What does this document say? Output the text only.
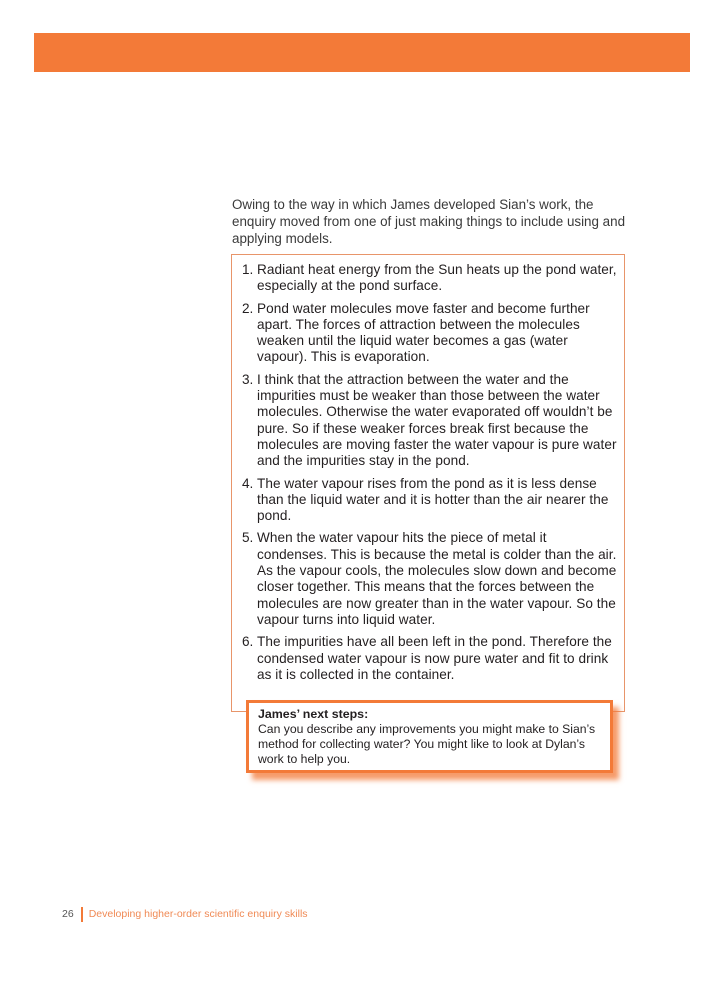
Owing to the way in which James developed Sian’s work, the enquiry moved from one of just making things to include using and applying models.

1. Radiant heat energy from the Sun heats up the pond water, especially at the pond surface.
2. Pond water molecules move faster and become further apart. The forces of attraction between the molecules weaken until the liquid water becomes a gas (water vapour). This is evaporation.
3. I think that the attraction between the water and the impurities must be weaker than those between the water molecules. Otherwise the water evaporated off wouldn’t be pure. So if these weaker forces break first because the molecules are moving faster the water vapour is pure water and the impurities stay in the pond.
4. The water vapour rises from the pond as it is less dense than the liquid water and it is hotter than the air nearer the pond.
5. When the water vapour hits the piece of metal it condenses. This is because the metal is colder than the air. As the vapour cools, the molecules slow down and become closer together. This means that the forces between the molecules are now greater than in the water vapour. So the vapour turns into liquid water.
6. The impurities have all been left in the pond. Therefore the condensed water vapour is now pure water and fit to drink as it is collected in the container.

James’ next steps:

Can you describe any improvements you might make to Sian’s method for collecting water? You might like to look at Dylan’s work to help you.

26 Developing higher-order scientific enquiry skills
